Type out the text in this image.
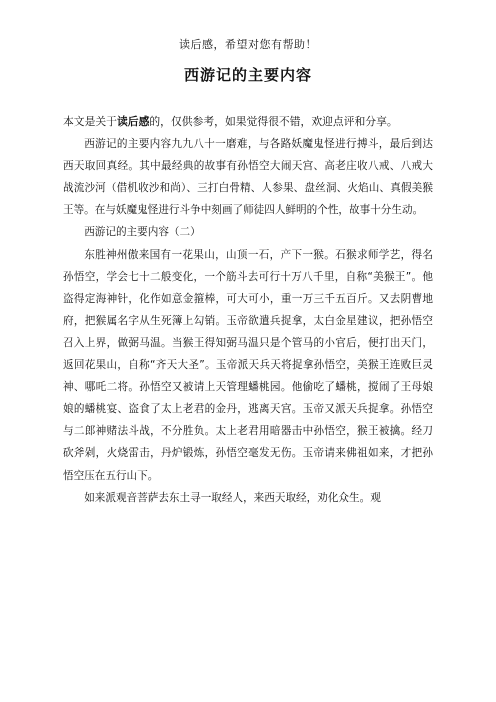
读后感，希望对您有帮助！
西游记的主要内容

本文是关于读后感的，仅供参考，如果觉得很不错，欢迎点评和分享。

西游记的主要内容九九八十一磨难，与各路妖魔鬼怪进行搏斗，最后到达西天取回真经。其中最经典的故事有孙悟空大闹天宫、高老庄收八戒、八戒大战流沙河（借机收沙和尚）、三打白骨精、人参果、盘丝洞、火焰山、真假美猴王等。在与妖魔鬼怪进行斗争中刻画了师徒四人鲜明的个性，故事十分生动。

西游记的主要内容（二）

东胜神州傲来国有一花果山，山顶一石，产下一猴。石猴求师学艺，得名孙悟空，学会七十二般变化，一个筋斗去可行十万八千里，自称“美猴王”。他盗得定海神针，化作如意金箍棒，可大可小，重一万三千五百斤。又去阴曹地府，把猴属名字从生死簿上勾销。玉帝欲遣兵捉拿，太白金星建议，把孙悟空召入上界，做弼马温。当猴王得知弼马温只是个管马的小官后，便打出天门，返回花果山，自称“齐天大圣”。玉帝派天兵天将捉拿孙悟空，美猴王连败巨灵神、哪吒二将。孙悟空又被请上天管理蟠桃园。他偷吃了蟠桃，搅闹了王母娘娘的蟠桃宴、盗食了太上老君的金丹，逃离天宫。玉帝又派天兵捉拿。孙悟空与二郎神赌法斗战，不分胜负。太上老君用暗器击中孙悟空，猴王被擒。经刀砍斧剁，火烧雷击，丹炉锻炼，孙悟空毫发无伤。玉帝请来佛祖如来，才把孙悟空压在五行山下。

如来派观音菩萨去东土寻一取经人，来西天取经，劝化众生。观
